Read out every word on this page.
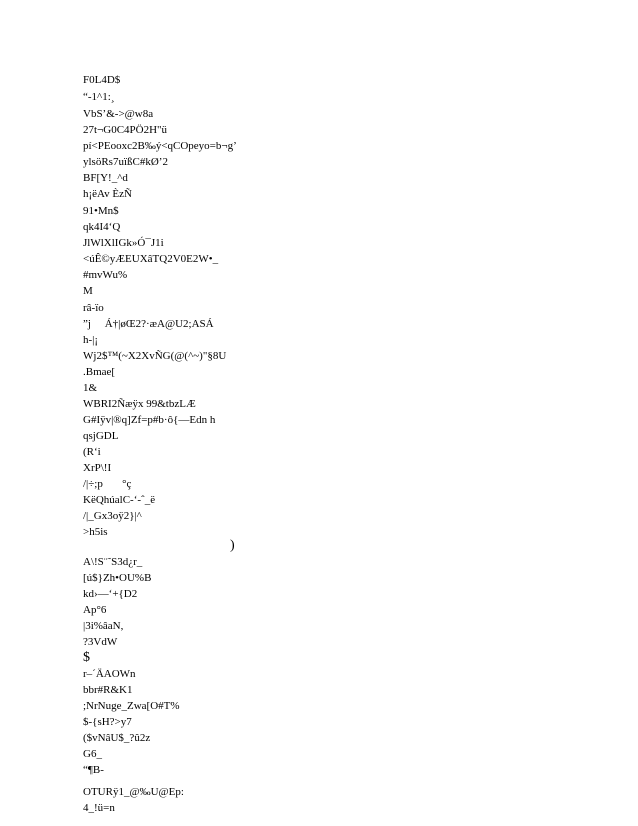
F0L4D$
“-1^1:¸
VbS’&->@w8a
27t¬G0C4PÖ2H"ü
pí<PEooxc2B‰ý<qCOpeyo=b¬g’
ylsöRs7uïßC#kØ’2
BF[Y!_^d
h¡ëAv ÈzÑ
91•Mn$
qk4I4‘Q
JlWlXlIGk»Ó¯J1i
<úÊ©yÆEUXâTQ2V0E2W•_
#mvWu%
M
râ-ïo
”j     Á†|øŒ2?·æA@U2;ASÁ
h-|¡
Wj2$™(~X2XvÑG(@(^~)"§8U
.Bmae[
1&
WBRI2Ñæÿx 99&tbzLÆ
G#Iÿv|®q]Zf=p#b·ô{—Edn h
qsjGDL
(R‘i
XrP\!I
/|÷;p       °ç
KëQhúalC-‘-ˆ_ë
/|_Gx3oÿ2}|^
>h5is
)
A\!S¨˜S3d¿r_
[ú$}Zh•OU%B
kd›—‘+{D2
Ap°6
|3i%âaN,
?3VdW
$
r–´ÄAOWn
bbr#R&K1
;NrNuge_Zwa[O#T%
$-{sH?>y7
($vNâU$_?û2z
G6_
“¶B-
OTURÿ1_@‰U@Ep:
4_!ü=n
